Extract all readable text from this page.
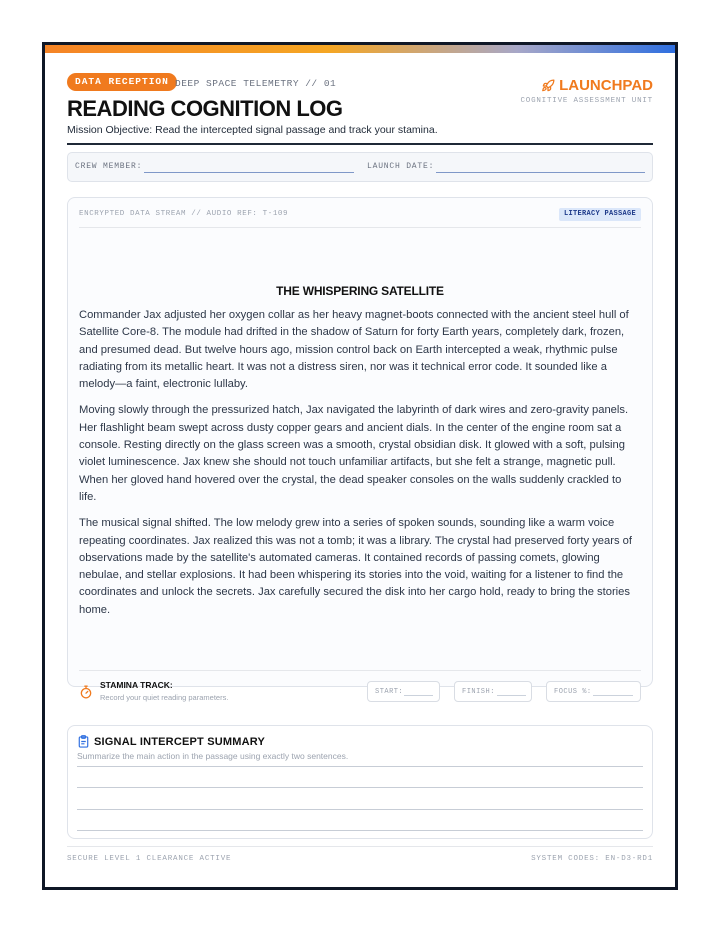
DATA RECEPTION DEEP SPACE TELEMETRY // 01
READING COGNITION LOG
Mission Objective: Read the intercepted signal passage and track your stamina.
LAUNCHPAD
COGNITIVE ASSESSMENT UNIT
CREW MEMBER:	LAUNCH DATE:
ENCRYPTED DATA STREAM // AUDIO REF: T-109	LITERACY PASSAGE
THE WHISPERING SATELLITE

Commander Jax adjusted her oxygen collar as her heavy magnet-boots connected with the ancient steel hull of Satellite Core-8. The module had drifted in the shadow of Saturn for forty Earth years, completely dark, frozen, and presumed dead. But twelve hours ago, mission control back on Earth intercepted a weak, rhythmic pulse radiating from its metallic heart. It was not a distress siren, nor was it technical error code. It sounded like a melody—a faint, electronic lullaby.

Moving slowly through the pressurized hatch, Jax navigated the labyrinth of dark wires and zero-gravity panels. Her flashlight beam swept across dusty copper gears and ancient dials. In the center of the engine room sat a console. Resting directly on the glass screen was a smooth, crystal obsidian disk. It glowed with a soft, pulsing violet luminescence. Jax knew she should not touch unfamiliar artifacts, but she felt a strange, magnetic pull. When her gloved hand hovered over the crystal, the dead speaker consoles on the walls suddenly crackled to life.

The musical signal shifted. The low melody grew into a series of spoken sounds, sounding like a warm voice repeating coordinates. Jax realized this was not a tomb; it was a library. The crystal had preserved forty years of observations made by the satellite's automated cameras. It contained records of passing comets, glowing nebulae, and stellar explosions. It had been whispering its stories into the void, waiting for a listener to find the coordinates and unlock the secrets. Jax carefully secured the disk into her cargo hold, ready to bring the stories home.

STAMINA TRACK:
Record your quiet reading parameters.
START:	FINISH:	FOCUS %:
SIGNAL INTERCEPT SUMMARY
Summarize the main action in the passage using exactly two sentences.
SECURE LEVEL 1 CLEARANCE ACTIVE	SYSTEM CODES: EN-D3-RD1
